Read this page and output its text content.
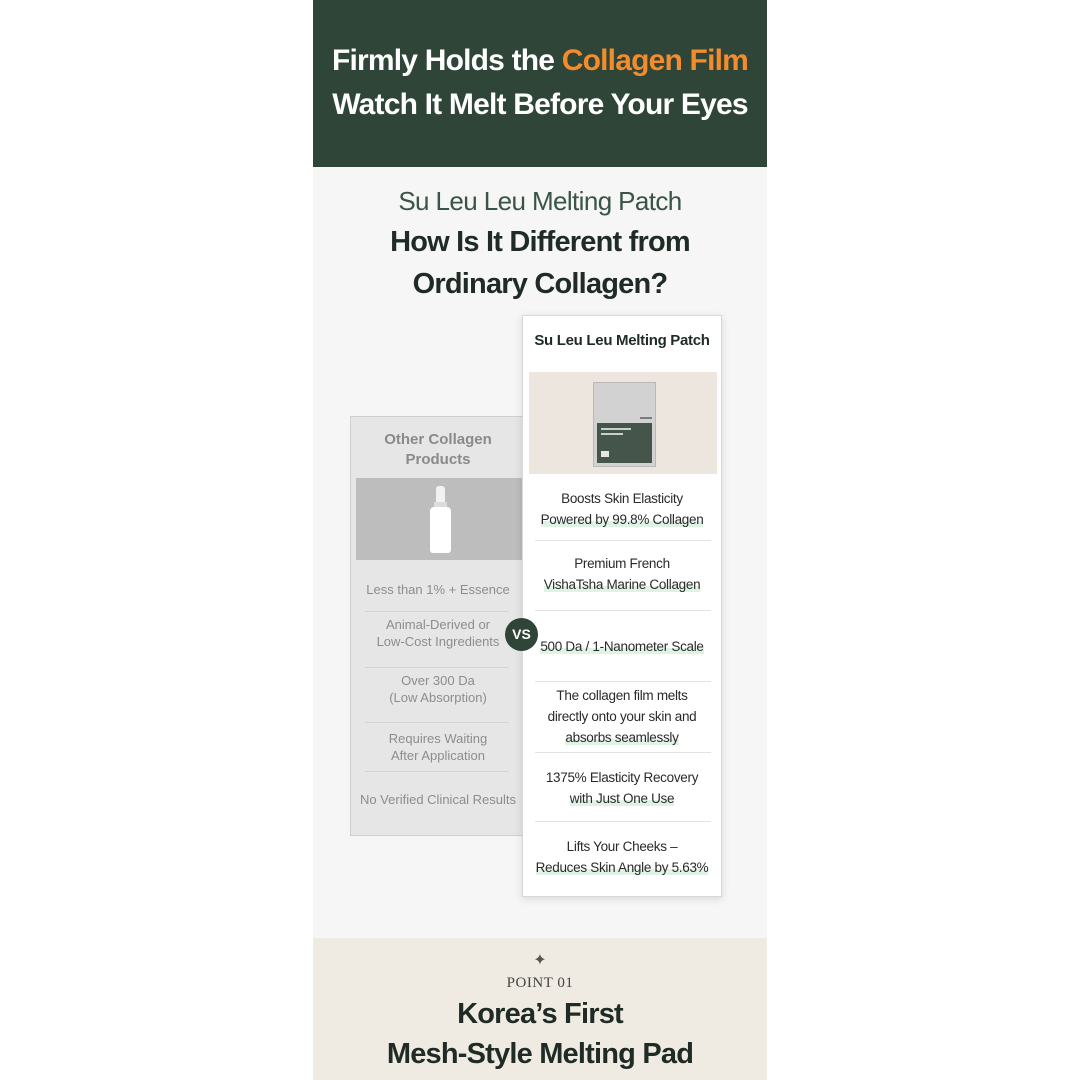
Firmly Holds the Collagen Film
Watch It Melt Before Your Eyes
Su Leu Leu Melting Patch
How Is It Different from
Ordinary Collagen?
Other Collagen
Products
Less than 1% + Essence
Animal-Derived or
Low-Cost Ingredients
Over 300 Da
(Low Absorption)
Requires Waiting
After Application
No Verified Clinical Results
VS
Su Leu Leu Melting Patch
Boosts Skin Elasticity
Powered by 99.8% Collagen
Premium French
VishaTsha Marine Collagen
500 Da / 1-Nanometer Scale
The collagen film melts
directly onto your skin and
absorbs seamlessly
1375% Elasticity Recovery
with Just One Use
Lifts Your Cheeks –
Reduces Skin Angle by 5.63%
✦
POINT 01
Korea’s First
Mesh-Style Melting Pad
